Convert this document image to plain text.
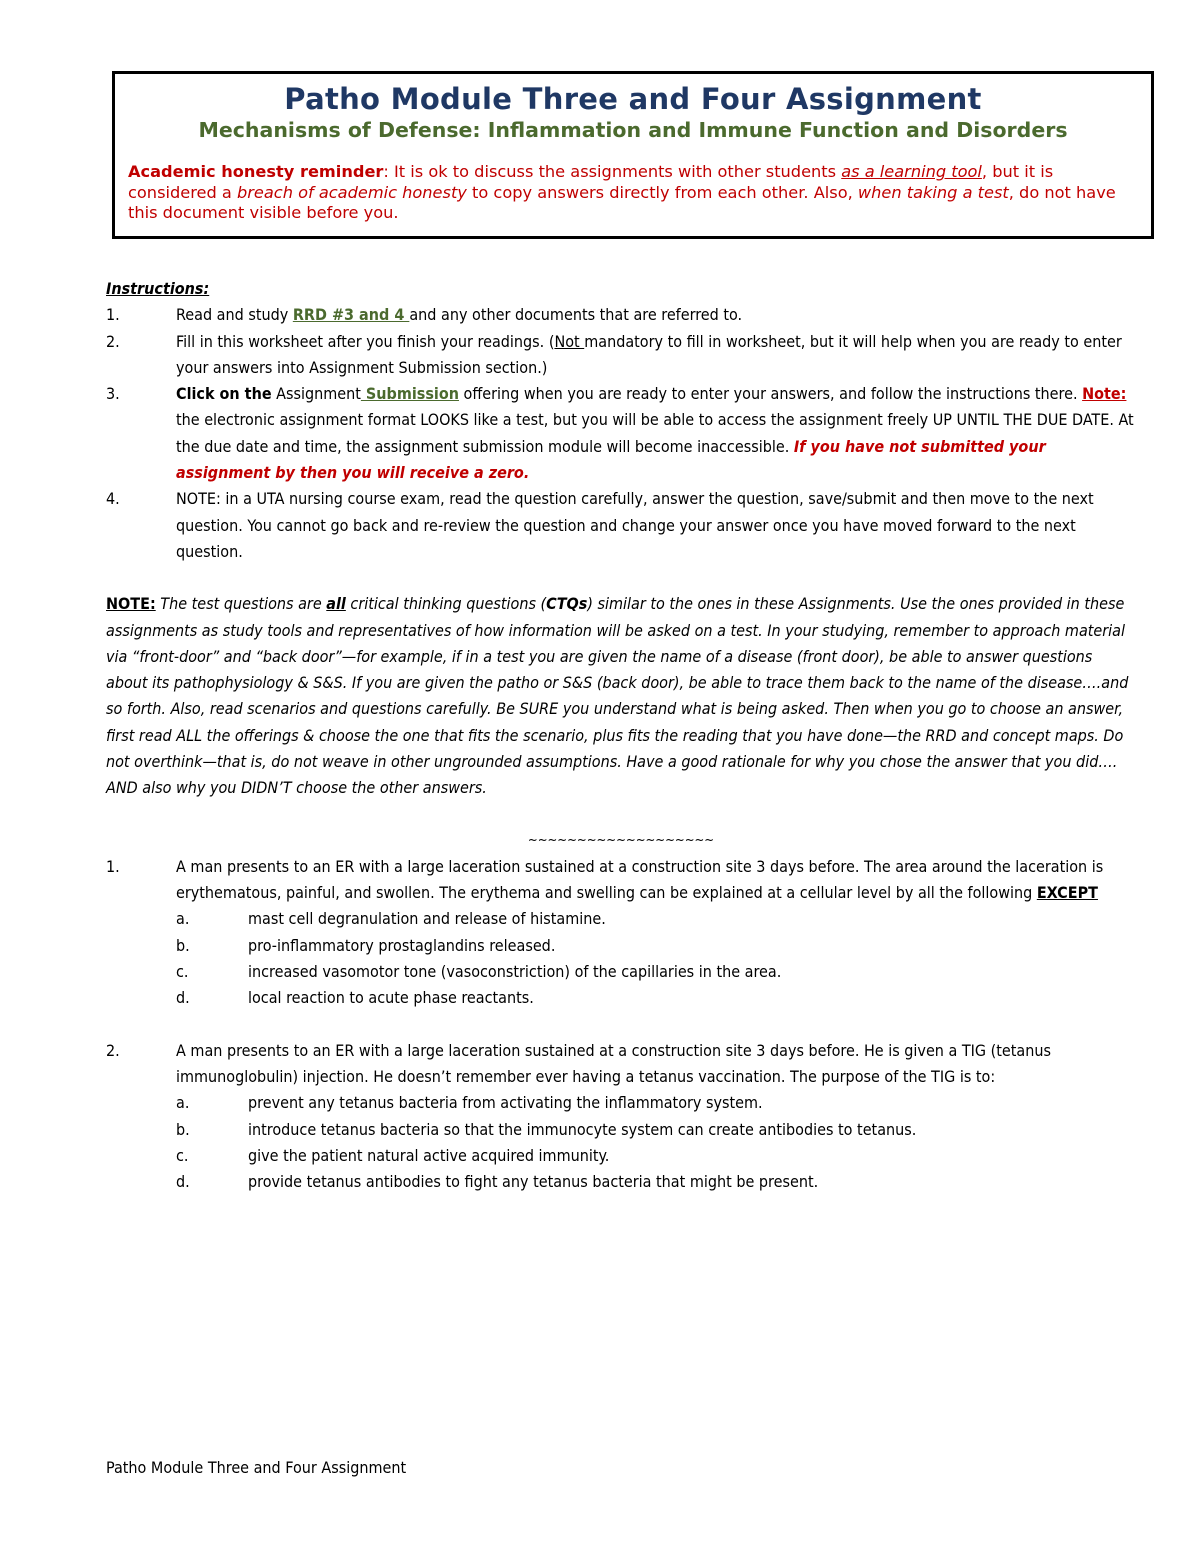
Patho Module Three and Four Assignment
Mechanisms of Defense: Inflammation and Immune Function and Disorders
Academic honesty reminder: It is ok to discuss the assignments with other students as a learning tool, but it is considered a breach of academic honesty to copy answers directly from each other. Also, when taking a test, do not have this document visible before you.

Instructions:

1.	Read and study RRD #3 and 4 and any other documents that are referred to.
2.	Fill in this worksheet after you finish your readings. (Not mandatory to fill in worksheet, but it will help when you are ready to enter your answers into Assignment Submission section.)
3.	Click on the Assignment Submission offering when you are ready to enter your answers, and follow the instructions there. Note: the electronic assignment format LOOKS like a test, but you will be able to access the assignment freely UP UNTIL THE DUE DATE. At the due date and time, the assignment submission module will become inaccessible. If you have not submitted your assignment by then you will receive a zero.
4.	NOTE: in a UTA nursing course exam, read the question carefully, answer the question, save/submit and then move to the next question. You cannot go back and re-review the question and change your answer once you have moved forward to the next question.
NOTE: The test questions are all critical thinking questions (CTQs) similar to the ones in these Assignments. Use the ones provided in these assignments as study tools and representatives of how information will be asked on a test. In your studying, remember to approach material via “front-door” and “back door”—for example, if in a test you are given the name of a disease (front door), be able to answer questions about its pathophysiology & S&S. If you are given the patho or S&S (back door), be able to trace them back to the name of the disease….and so forth. Also, read scenarios and questions carefully. Be SURE you understand what is being asked. Then when you go to choose an answer, first read ALL the offerings & choose the one that fits the scenario, plus fits the reading that you have done—the RRD and concept maps. Do not overthink—that is, do not weave in other ungrounded assumptions. Have a good rationale for why you chose the answer that you did…. AND also why you DIDN’T choose the other answers.
~~~~~~~~~~~~~~~~~~~
1.	A man presents to an ER with a large laceration sustained at a construction site 3 days before. The area around the laceration is erythematous, painful, and swollen. The erythema and swelling can be explained at a cellular level by all the following EXCEPT
a.	mast cell degranulation and release of histamine.
b.	pro-inflammatory prostaglandins released.
c.	increased vasomotor tone (vasoconstriction) of the capillaries in the area.
d.	local reaction to acute phase reactants.
2.	A man presents to an ER with a large laceration sustained at a construction site 3 days before. He is given a TIG (tetanus immunoglobulin) injection. He doesn’t remember ever having a tetanus vaccination. The purpose of the TIG is to:
a.	prevent any tetanus bacteria from activating the inflammatory system.
b.	introduce tetanus bacteria so that the immunocyte system can create antibodies to tetanus.
c.	give the patient natural active acquired immunity.
d.	provide tetanus antibodies to fight any tetanus bacteria that might be present.
Patho Module Three and Four Assignment
